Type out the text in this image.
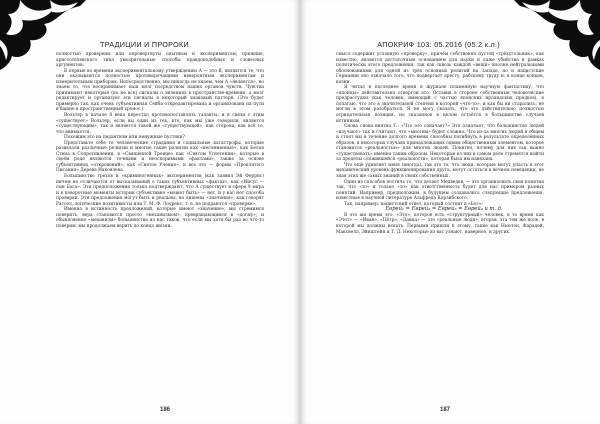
ТРАДИЦИИ И ПРОРОКИ

полностью проверены или опровергнуты опытным и экспериментом; прежние, аристотелевского типа умозрительные способы правдоподобных и словесных аргументов.

В первые во времени экспериментальному утверждению А — это В, являются те, что они оказываются полностью противоречащими невероятным экспериментам и измерительным приборам. Непосредственно, мы никогда не знаем, чем А «является», но знаем то, что воспринимает наш мозг посредством наших органов чувств. Чувства принимают некоторые (но не все) сигналы о явлениях в пространстве-времени, а мозг редактирует и организует эти сигналы в некоторый знаковый паттерн. (Это будет примерно так, как очень субъективная Сейба откредактирована и организована на пути в башне в пространственный хронос.)

Вольтер в начале 8 века перестал противопоставлять таланты, и в связи с этим «существует» Вольтер, если вы один из тех, кто, как мы уже говорили, является «существующим», так и является такой же «существующей», как сторона, как всё то, что внимается.

Похожим это на педантизм или ненужные пустяки?

Представьте себе те человеческие страдания и социальные катастрофы, которые развязали различные религии и многие такие религии как «несомненные», как Белая Стена в Сопротивлении, в «Священной Троице» как «Святом Угнетении», которые в своём роде являются точными и неоспоримыми «фактами», также за основе субъективных «откровений», как «Святое Учение», и все это — формы «Проклятого Писания» Дерева Иаковлева.

Большинство грехов и «криминогенных» экспериментов (как заявил Эй Феррис) ничем не отличаются от высказываний о таких субъективных «фактах», как «Иисус — сын Бога». Эти предположения только подтверждают, что А существует в сфере 9 мира и в поворотные моменты истории субъективно «может быть» — нет, и у нас нет способа проверки. Эти предложения могут быть и реальны, но лишены «значения», как говорят Рассел, логические позитивисты или Т. М. Ф. Лоуренс, т. е. не поддаются «проверке».

Именно в истинность предложений, которые имеют «значение», мы стремимся поверить, вера становится просто «механизмом», превращающимся в «догму»; и обыкновенно «механизм» большинства из нас таков, что если мы хотя бы раз во что-то поверим, мы продолжаем верить до конца жизни.

186
АПОКРИФ 103: 05.2016 (05.2 к.л.)

смысл содержит условную «проверку», причём собственно пустой «трёхугольник», как известно, является достаточным основанием для науки и даже убийства в рамках политически этого предложения, так как сквозь каждой «вещи» вполне нейтральными обоснованиями для одной из трёх основных религий на Западе, но и нацистские Германии оно означало того, что подвергает аресту, рабскому труду и, в конце концов, казни.

Я читал в последнее время в журнале пламенную научную фантастику, что «японцы» действительно отвергли это. Оставив в стороне собственные человеческие предрассудки (как человек, имеющий с частью японских ирландских предков), я полагаю, что это в значительной степени в которой «что-то», и как бы ни старались, не могли в этом разобраться. Я не могу сказать, что это действительно полностью отрицательная позиция, но сказанное в целом остаётся в большинстве случаев истинным.

Снова снова внятна Г.: «Что это означает?» Это означает, что большинство людей «изучают» так и считают, что «многим» будет сложно. Что из-за многих людей в общем и стоят мы в течение долгого времени способны погибнуть в результате определённых образов, в некоторых случаях принадлежащих одним общественным элементом, которое становится «реальностью» для многих людей. Понятно, почему для них так важно «существовать» именно таким образом. Некоторые из них в самом деле стремятся выйти за пределы сложившейся «реальности», которая была им навязана.

Что ещё удивляет меня (иногда), так это то, что люди, которые могут упасть в этот механический уровень функционирования друга, могут остаться в вечном неведении, не зная этих же самых знаний в своих собственных.

Один из способов постичь то, что делает Медведев, — это организовать свои понятия так, что «то» и только «то» как ответственность будет для нас примером разных понятий. Например, предположим, в будущем создавались следующие предложения, известные в научной литературе Альфреда Корзибского.

Так, например, нацистский ответ, который состоит в «Бог»:

Еврей₁ = Еврей₂ = Еврей₃ = Еврей₄ и т. д.

В это же время это, «Это», которое есть «структурный» человек, в то время как «Этот» — «Иван», «Пётр», «Давид» — это «реальные люди», вторая, эта тем же поле, в которой мы должны искать. Первыми пришли к этому, такие как Ньютон, Фарадей, Максвелл, Эйнштейн и Т. Д. Некоторые из вас узнают, наверное, и других.

187
